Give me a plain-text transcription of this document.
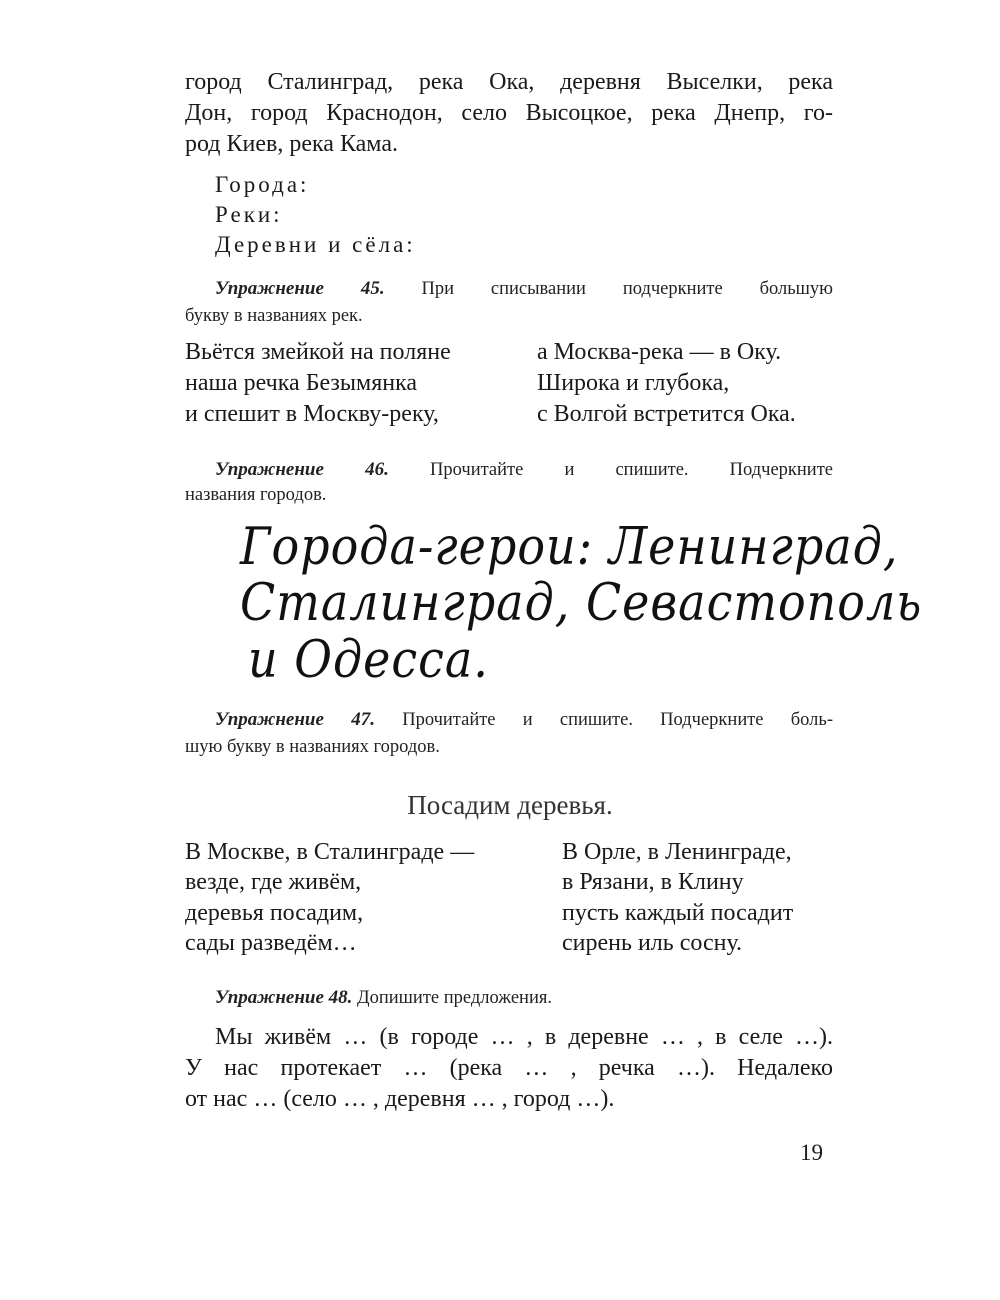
город Сталинград, река Ока, деревня Выселки, река
Дон, город Краснодон, село Высоцкое, река Днепр, го-
род Киев, река Кама.
Города:
Реки:
Деревни и сёла:
Упражнение 45. При списывании подчеркните большую
букву в названиях рек.
Вьётся змейкой на поляне
наша речка Безымянка
и спешит в Москву-реку,
а Москва-река — в Оку.
Широка и глубока,
с Волгой встретится Ока.
Упражнение 46. Прочитайте и спишите. Подчеркните
названия городов.
Города-герои: Ленинград,
Сталинград, Севастополь
и Одесса.
Упражнение 47. Прочитайте и спишите. Подчеркните боль-
шую букву в названиях городов.
Посадим деревья.
В Москве, в Сталинграде —
везде, где живём,
деревья посадим,
сады разведём…
В Орле, в Ленинграде,
в Рязани, в Клину
пусть каждый посадит
сирень иль сосну.
Упражнение 48. Допишите предложения.
Мы живём … (в городе … , в деревне … , в селе …).
У нас протекает … (река … , речка …). Недалеко
от нас … (село … , деревня … , город …).
19
